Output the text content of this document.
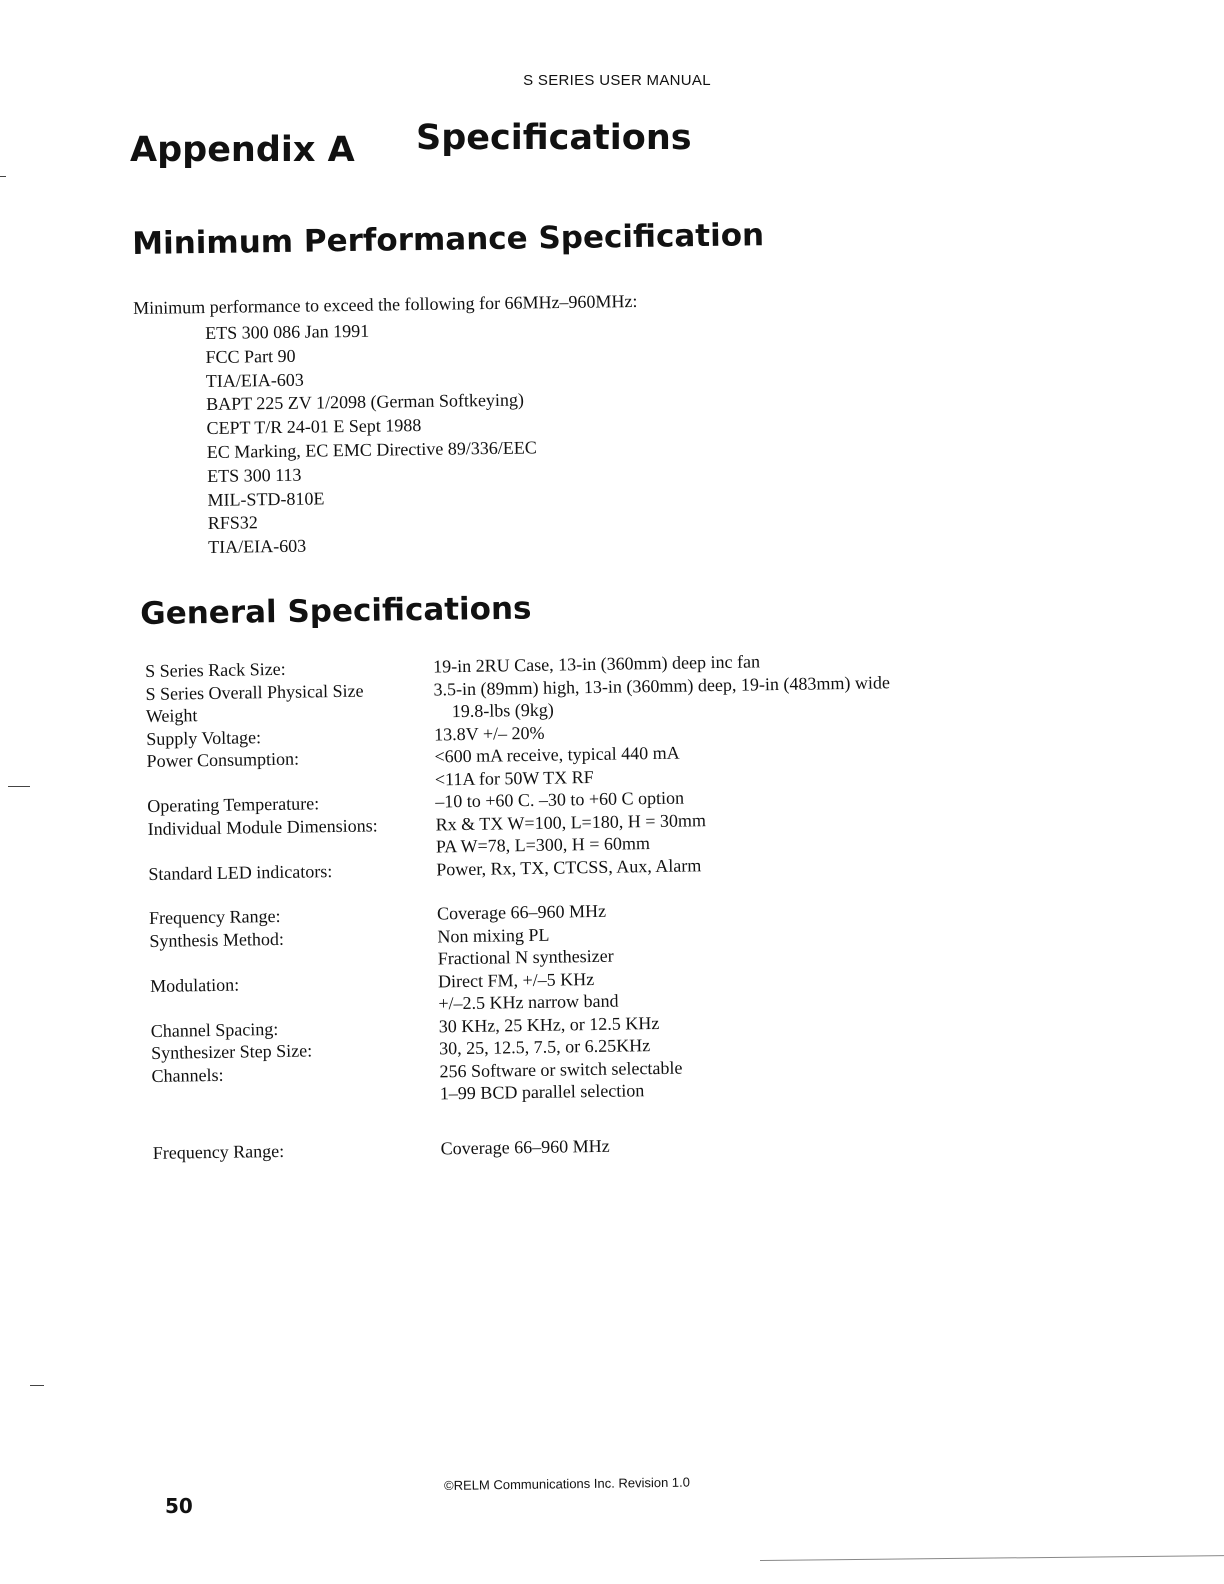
S SERIES USER MANUAL
Appendix A Specifications
Minimum Performance Specification
Minimum performance to exceed the following for 66MHz–960MHz:
ETS 300 086 Jan 1991
FCC Part 90
TIA/EIA-603
BAPT 225 ZV 1/2098 (German Softkeying)
CEPT T/R 24-01 E Sept 1988
EC Marking, EC EMC Directive 89/336/EEC
ETS 300 113
MIL-STD-810E
RFS32
TIA/EIA-603
General Specifications
S Series Rack Size:	19-in 2RU Case, 13-in (360mm) deep inc fan
S Series Overall Physical Size	3.5-in (89mm) high, 13-in (360mm) deep, 19-in (483mm) wide
Weight	19.8-lbs (9kg)
Supply Voltage:	13.8V +/– 20%
Power Consumption:	<600 mA receive, typical 440 mA
<11A for 50W TX RF
Operating Temperature:	–10 to +60 C. –30 to +60 C option
Individual Module Dimensions:	Rx & TX W=100, L=180, H = 30mm
PA W=78, L=300, H = 60mm
Standard LED indicators:	Power, Rx, TX, CTCSS, Aux, Alarm
Frequency Range:	Coverage 66–960 MHz
Synthesis Method:	Non mixing PL
Fractional N synthesizer
Modulation:	Direct FM, +/–5 KHz
+/–2.5 KHz narrow band
Channel Spacing:	30 KHz, 25 KHz, or 12.5 KHz
Synthesizer Step Size:	30, 25, 12.5, 7.5, or 6.25KHz
Channels:	256 Software or switch selectable
1–99 BCD parallel selection
Frequency Range:	Coverage 66–960 MHz
©RELM Communications Inc. Revision 1.0
50
